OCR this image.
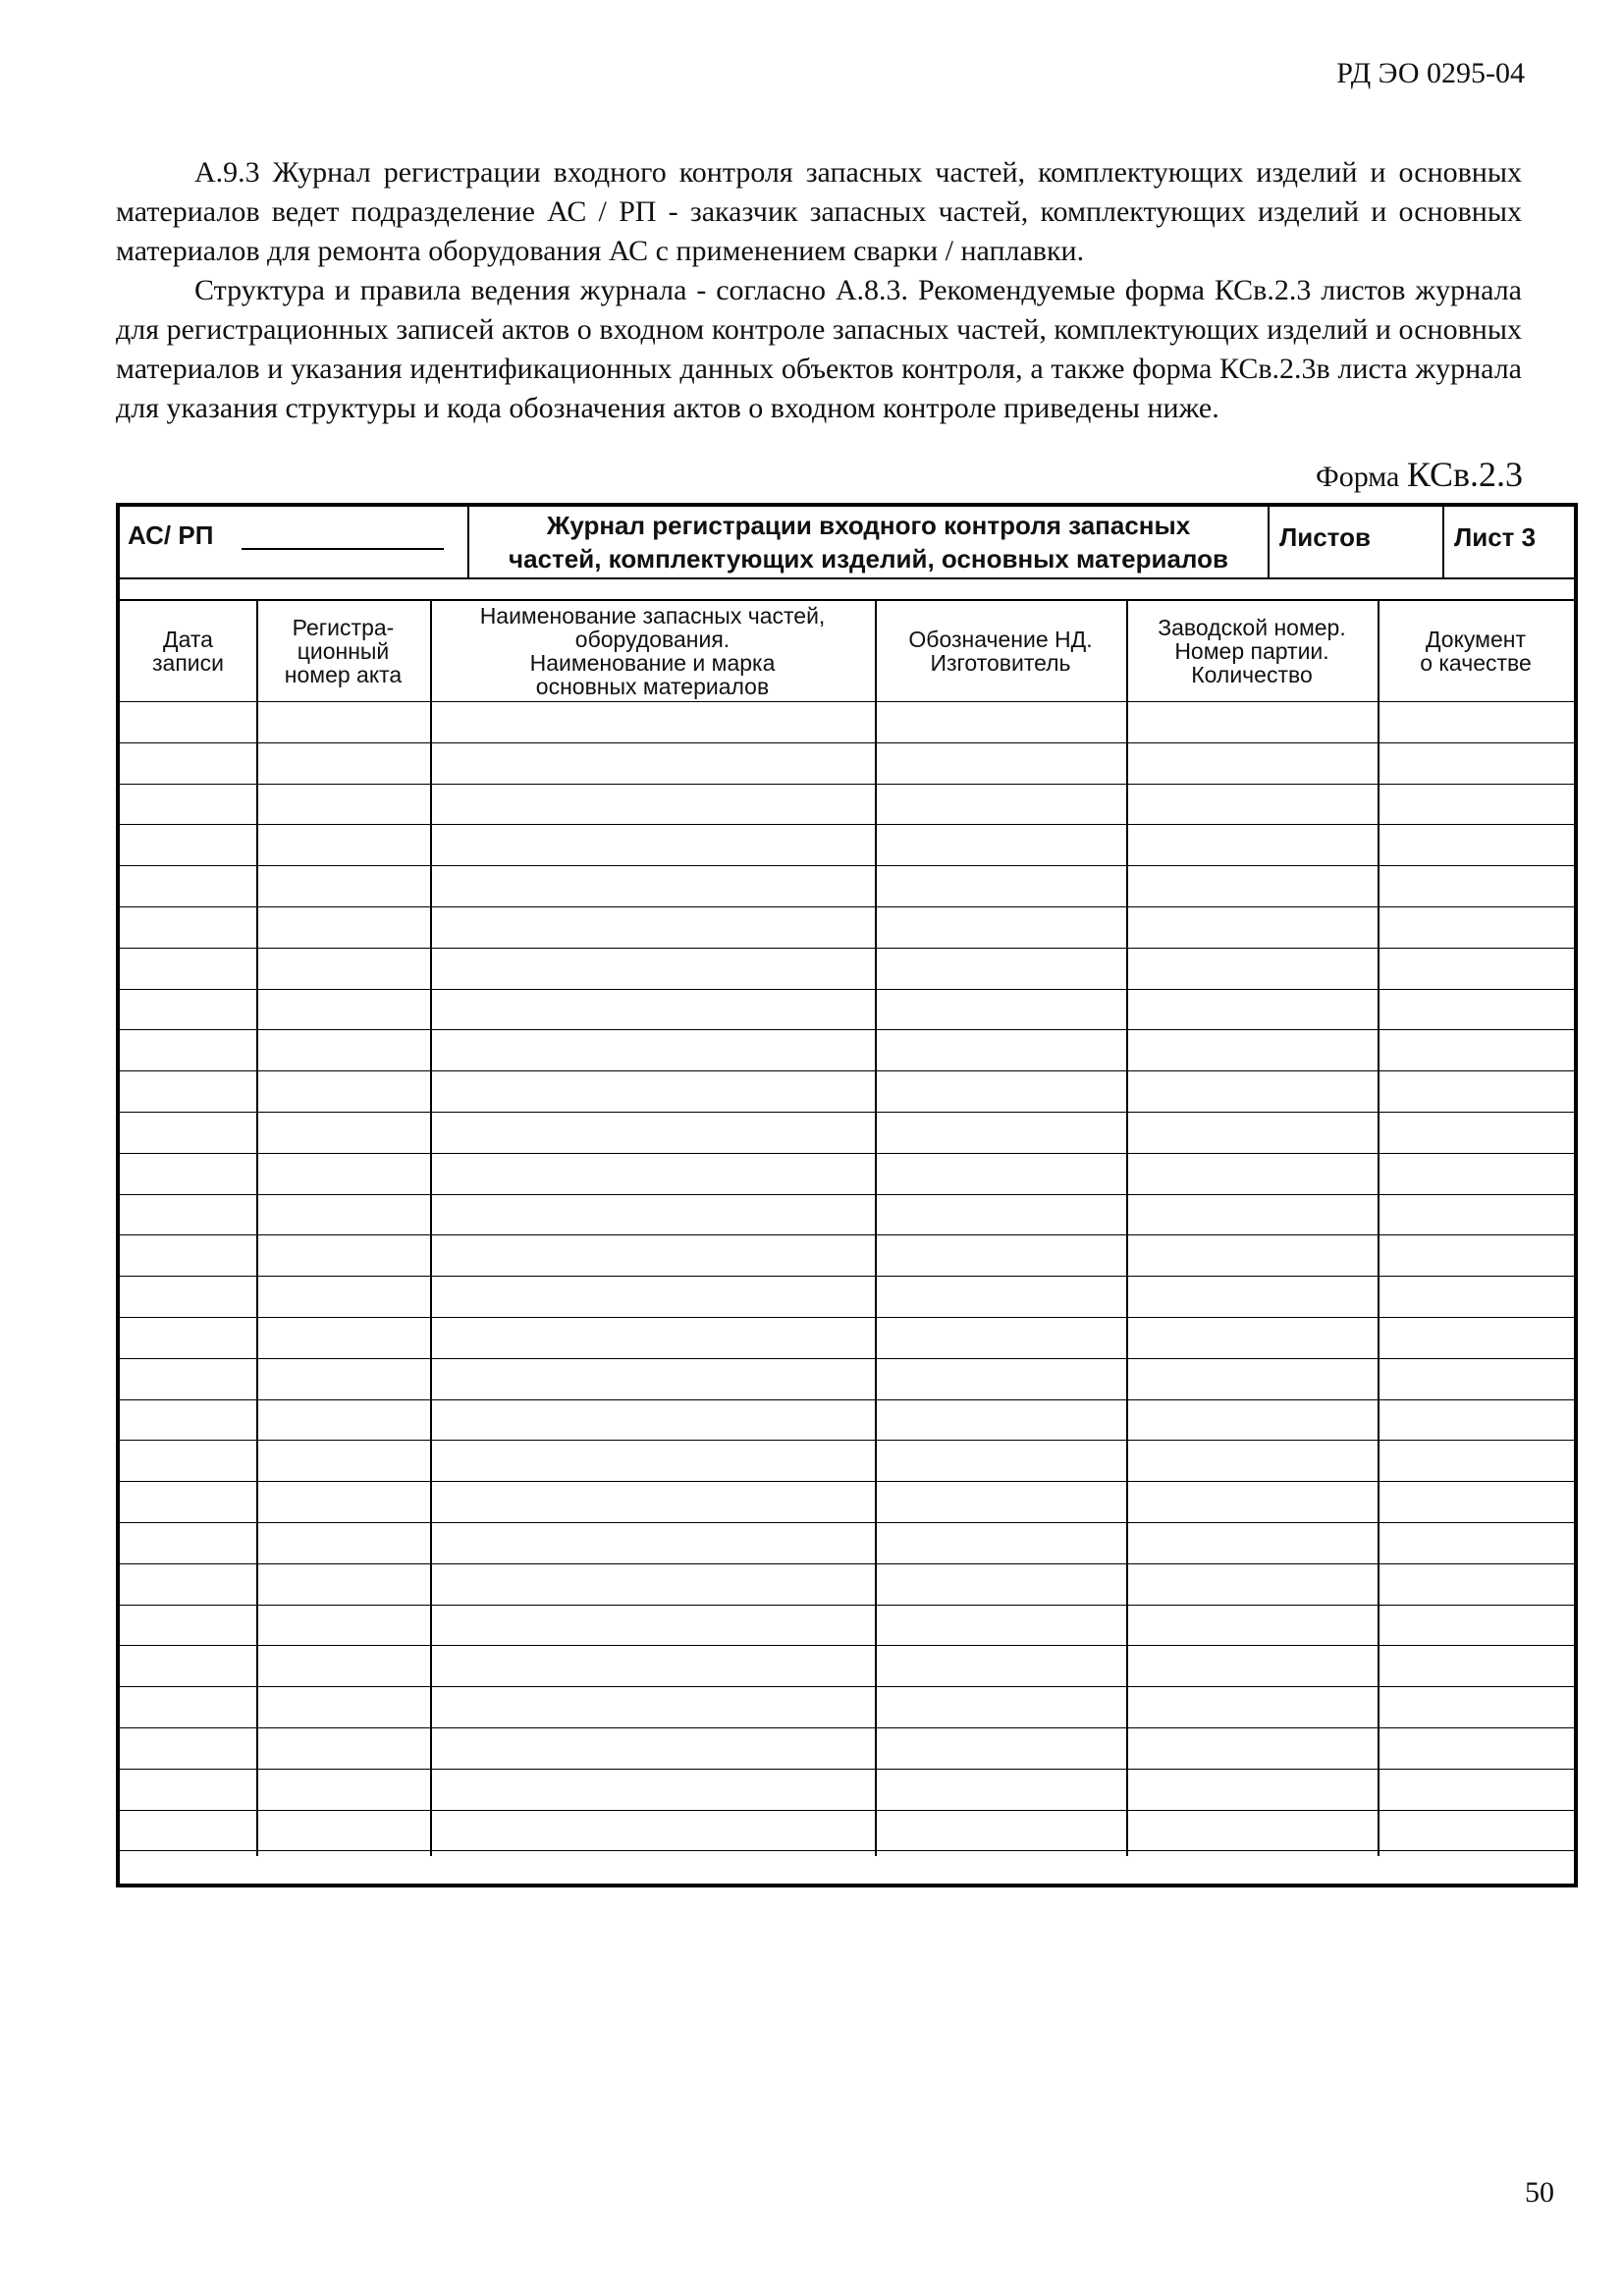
РД ЭО 0295-04

А.9.3 Журнал регистрации входного контроля запасных частей, комплектующих изделий и основных материалов ведет подразделение АС / РП - заказчик запасных частей, комплектующих изделий и основных материалов для ремонта оборудования АС с применением сварки / наплавки.

Структура и правила ведения журнала - согласно А.8.3. Рекомендуемые форма КСв.2.3 листов журнала для регистрационных записей актов о входном контроле запасных частей, комплектующих изделий и основных материалов и указания идентификационных данных объектов контроля, а также форма КСв.2.3в листа журнала для указания структуры и кода обозначения актов о входном контроле приведены ниже.

Форма КСв.2.3
АС/ РП	Журнал регистрации входного контроля запасных
частей, комплектующих изделий, основных материалов
Листов	Лист 3
Дата
записи
Регистра-
ционный
номер акта
Наименование запасных частей,
оборудования.
Наименование и марка
основных материалов
Обозначение НД.
Изготовитель
Заводской номер.
Номер партии.
Количество
Документ
о качестве
50
